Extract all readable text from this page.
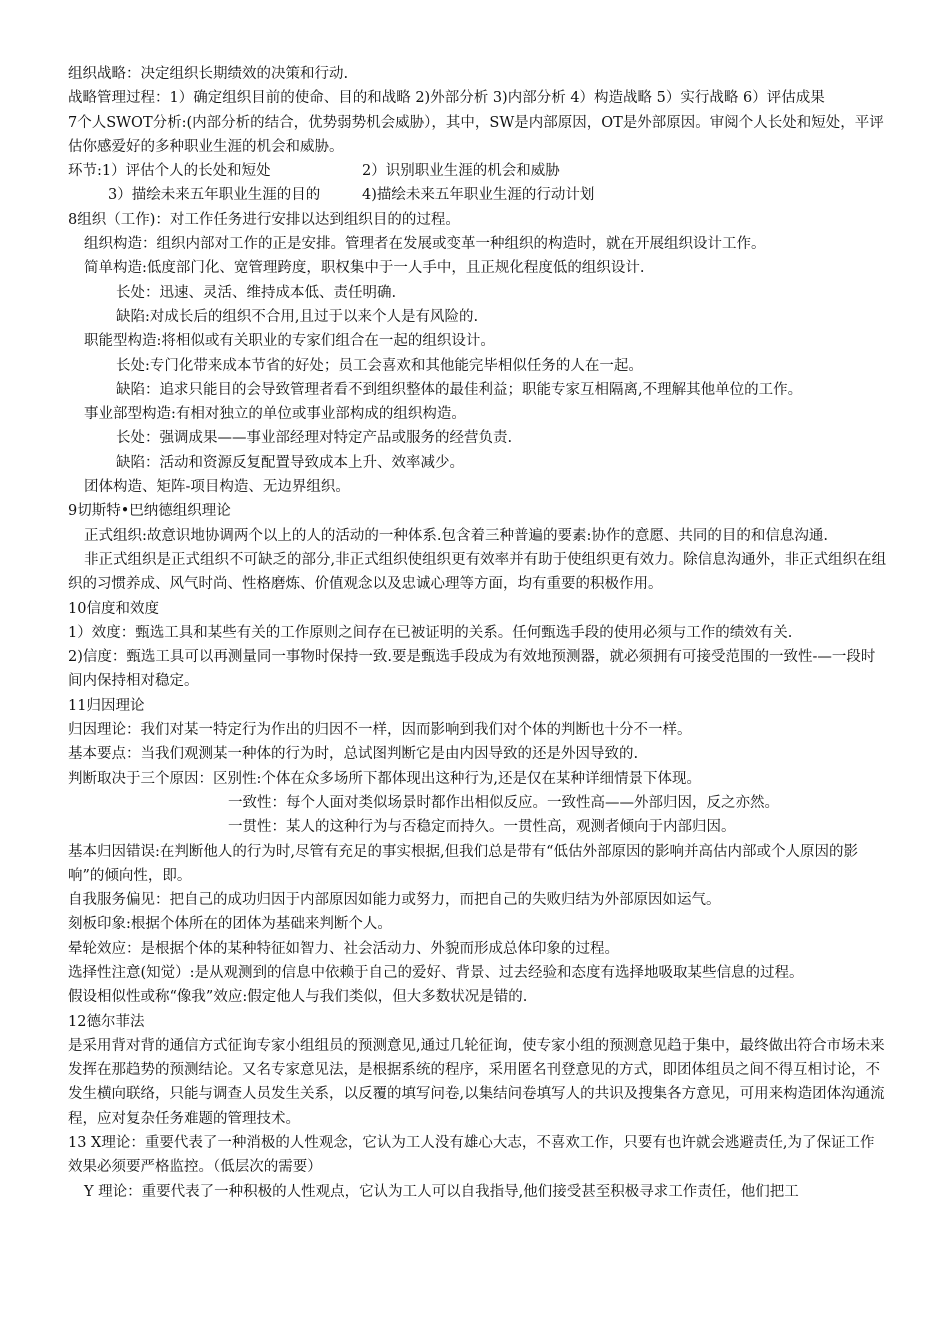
组织战略：决定组织长期绩效的决策和行动.

战略管理过程：1）确定组织目前的使命、目的和战略 2)外部分析 3)内部分析 4）构造战略 5）实行战略 6）评估成果

7个人SWOT分析:(内部分析的结合，优势弱势机会威胁），其中，SW是内部原因，OT是外部原因。审阅个人长处和短处，平评估你感爱好的多种职业生涯的机会和威胁。

环节:1）评估个人的长处和短处	2）识别职业生涯的机会和威胁

3）描绘未来五年职业生涯的目的	4)描绘未来五年职业生涯的行动计划

8组织（工作)：对工作任务进行安排以达到组织目的的过程。

组织构造：组织内部对工作的正是安排。管理者在发展或变革一种组织的构造时，就在开展组织设计工作。

简单构造:低度部门化、宽管理跨度，职权集中于一人手中，且正规化程度低的组织设计.

长处：迅速、灵活、维持成本低、责任明确.

缺陷:对成长后的组织不合用,且过于以来个人是有风险的.

职能型构造:将相似或有关职业的专家们组合在一起的组织设计。

长处:专门化带来成本节省的好处；员工会喜欢和其他能完毕相似任务的人在一起。

缺陷：追求只能目的会导致管理者看不到组织整体的最佳利益；职能专家互相隔离,不理解其他单位的工作。

事业部型构造:有相对独立的单位或事业部构成的组织构造。

长处：强调成果——事业部经理对特定产品或服务的经营负责.

缺陷：活动和资源反复配置导致成本上升、效率减少。

团体构造、矩阵-项目构造、无边界组织。

9切斯特•巴纳德组织理论

正式组织:故意识地协调两个以上的人的活动的一种体系.包含着三种普遍的要素:协作的意愿、共同的目的和信息沟通.

非正式组织是正式组织不可缺乏的部分,非正式组织使组织更有效率并有助于使组织更有效力。除信息沟通外，非正式组织在组织的习惯养成、风气时尚、性格磨炼、价值观念以及忠诚心理等方面，均有重要的积极作用。

10信度和效度

1）效度：甄选工具和某些有关的工作原则之间存在已被证明的关系。任何甄选手段的使用必须与工作的绩效有关.

2)信度：甄选工具可以再测量同一事物时保持一致.要是甄选手段成为有效地预测器，就必须拥有可接受范围的一致性-—一段时间内保持相对稳定。

11归因理论

归因理论：我们对某一特定行为作出的归因不一样，因而影响到我们对个体的判断也十分不一样。

基本要点：当我们观测某一种体的行为时，总试图判断它是由内因导致的还是外因导致的.

判断取决于三个原因：区别性:个体在众多场所下都体现出这种行为,还是仅在某种详细情景下体现。

一致性：每个人面对类似场景时都作出相似反应。一致性高——外部归因，反之亦然。

一贯性：某人的这种行为与否稳定而持久。一贯性高，观测者倾向于内部归因。

基本归因错误:在判断他人的行为时,尽管有充足的事实根据,但我们总是带有“低估外部原因的影响并高估内部或个人原因的影响”的倾向性，即。

自我服务偏见：把自己的成功归因于内部原因如能力或努力，而把自己的失败归结为外部原因如运气。

刻板印象:根据个体所在的团体为基础来判断个人。

晕轮效应：是根据个体的某种特征如智力、社会活动力、外貌而形成总体印象的过程。

选择性注意(知觉）:是从观测到的信息中依赖于自己的爱好、背景、过去经验和态度有选择地吸取某些信息的过程。

假设相似性或称“像我”效应:假定他人与我们类似，但大多数状况是错的.

12德尔菲法

是采用背对背的通信方式征询专家小组组员的预测意见,通过几轮征询，使专家小组的预测意见趋于集中，最终做出符合市场未来发挥在那趋势的预测结论。又名专家意见法，是根据系统的程序，采用匿名刊登意见的方式，即团体组员之间不得互相讨论，不发生横向联络，只能与调查人员发生关系，以反覆的填写问卷,以集结问卷填写人的共识及搜集各方意见，可用来构造团体沟通流程，应对复杂任务难题的管理技术。

13 X理论：重要代表了一种消极的人性观念，它认为工人没有雄心大志，不喜欢工作，只要有也许就会逃避责任,为了保证工作效果必须要严格监控。（低层次的需要）

Y 理论：重要代表了一种积极的人性观点，它认为工人可以自我指导,他们接受甚至积极寻求工作责任，他们把工
